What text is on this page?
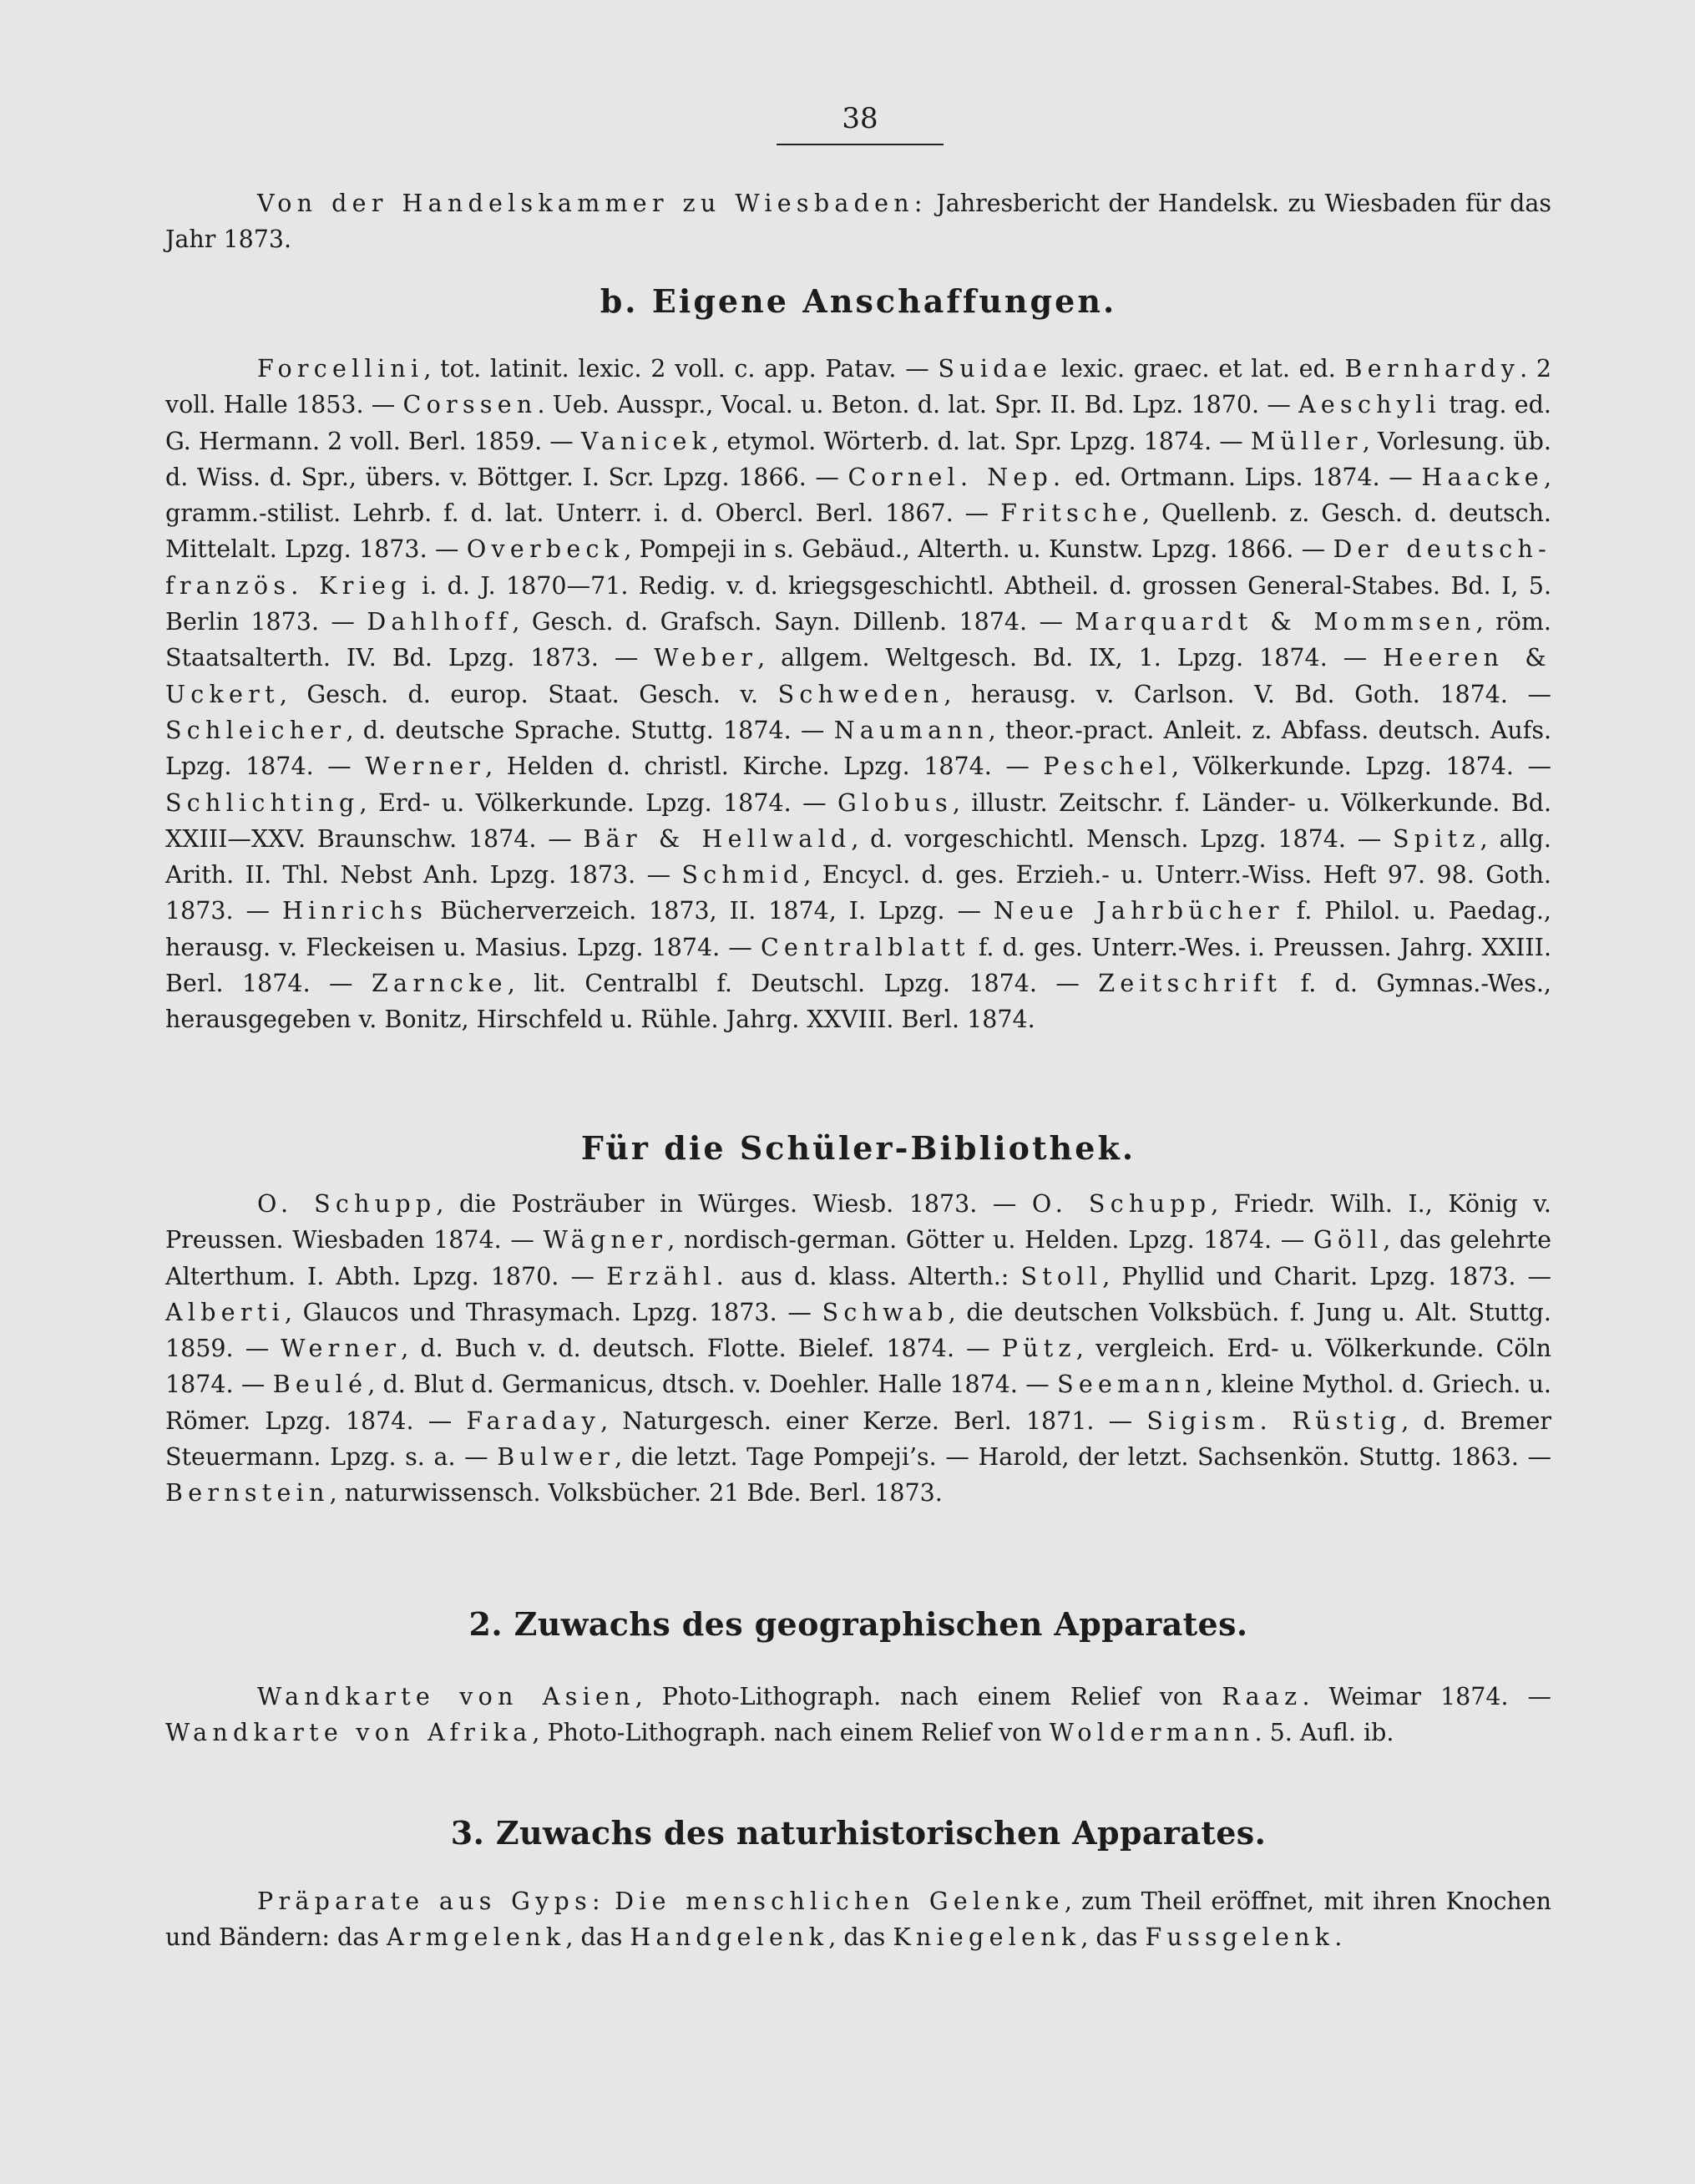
38

Von der Handelskammer zu Wiesbaden: Jahresbericht der Handelsk. zu Wiesbaden für das Jahr 1873.

b. Eigene Anschaffungen.

Forcellini, tot. latinit. lexic. 2 voll. c. app. Patav. — Suidae lexic. graec. et lat. ed. Bernhardy. 2 voll. Halle 1853. — Corssen. Ueb. Ausspr., Vocal. u. Beton. d. lat. Spr. II. Bd. Lpz. 1870. — Aeschyli trag. ed. G. Hermann. 2 voll. Berl. 1859. — Vanicek, etymol. Wörterb. d. lat. Spr. Lpzg. 1874. — Müller, Vorlesung. üb. d. Wiss. d. Spr., übers. v. Böttger. I. Scr. Lpzg. 1866. — Cornel. Nep. ed. Ortmann. Lips. 1874. — Haacke, gramm.-stilist. Lehrb. f. d. lat. Unterr. i. d. Obercl. Berl. 1867. — Fritsche, Quellenb. z. Gesch. d. deutsch. Mittelalt. Lpzg. 1873. — Overbeck, Pompeji in s. Gebäud., Alterth. u. Kunstw. Lpzg. 1866. — Der deutsch-französ. Krieg i. d. J. 1870—71. Redig. v. d. kriegsgeschichtl. Abtheil. d. grossen General-Stabes. Bd. I, 5. Berlin 1873. — Dahlhoff, Gesch. d. Grafsch. Sayn. Dillenb. 1874. — Marquardt & Mommsen, röm. Staatsalterth. IV. Bd. Lpzg. 1873. — Weber, allgem. Weltgesch. Bd. IX, 1. Lpzg. 1874. — Heeren & Uckert, Gesch. d. europ. Staat. Gesch. v. Schweden, herausg. v. Carlson. V. Bd. Goth. 1874. — Schleicher, d. deutsche Sprache. Stuttg. 1874. — Naumann, theor.-pract. Anleit. z. Abfass. deutsch. Aufs. Lpzg. 1874. — Werner, Helden d. christl. Kirche. Lpzg. 1874. — Peschel, Völkerkunde. Lpzg. 1874. — Schlichting, Erd- u. Völkerkunde. Lpzg. 1874. — Globus, illustr. Zeitschr. f. Länder- u. Völkerkunde. Bd. XXIII—XXV. Braunschw. 1874. — Bär & Hellwald, d. vorgeschichtl. Mensch. Lpzg. 1874. — Spitz, allg. Arith. II. Thl. Nebst Anh. Lpzg. 1873. — Schmid, Encycl. d. ges. Erzieh.- u. Unterr.-Wiss. Heft 97. 98. Goth. 1873. — Hinrichs Bücherverzeich. 1873, II. 1874, I. Lpzg. — Neue Jahrbücher f. Philol. u. Paedag., herausg. v. Fleckeisen u. Masius. Lpzg. 1874. — Centralblatt f. d. ges. Unterr.-Wes. i. Preussen. Jahrg. XXIII. Berl. 1874. — Zarncke, lit. Centralbl f. Deutschl. Lpzg. 1874. — Zeitschrift f. d. Gymnas.-Wes., herausgegeben v. Bonitz, Hirschfeld u. Rühle. Jahrg. XXVIII. Berl. 1874.

Für die Schüler-Bibliothek.

O. Schupp, die Posträuber in Würges. Wiesb. 1873. — O. Schupp, Friedr. Wilh. I., König v. Preussen. Wiesbaden 1874. — Wägner, nordisch-german. Götter u. Helden. Lpzg. 1874. — Göll, das gelehrte Alterthum. I. Abth. Lpzg. 1870. — Erzähl. aus d. klass. Alterth.: Stoll, Phyllid und Charit. Lpzg. 1873. — Alberti, Glaucos und Thrasymach. Lpzg. 1873. — Schwab, die deutschen Volksbüch. f. Jung u. Alt. Stuttg. 1859. — Werner, d. Buch v. d. deutsch. Flotte. Bielef. 1874. — Pütz, vergleich. Erd- u. Völkerkunde. Cöln 1874. — Beulé, d. Blut d. Germanicus, dtsch. v. Doehler. Halle 1874. — Seemann, kleine Mythol. d. Griech. u. Römer. Lpzg. 1874. — Faraday, Naturgesch. einer Kerze. Berl. 1871. — Sigism. Rüstig, d. Bremer Steuermann. Lpzg. s. a. — Bulwer, die letzt. Tage Pompeji’s. — Harold, der letzt. Sachsenkön. Stuttg. 1863. — Bernstein, naturwissensch. Volksbücher. 21 Bde. Berl. 1873.

2. Zuwachs des geographischen Apparates.

Wandkarte von Asien, Photo-Lithograph. nach einem Relief von Raaz. Weimar 1874. — Wandkarte von Afrika, Photo-Lithograph. nach einem Relief von Woldermann. 5. Aufl. ib.

3. Zuwachs des naturhistorischen Apparates.

Präparate aus Gyps: Die menschlichen Gelenke, zum Theil eröffnet, mit ihren Knochen und Bändern: das Armgelenk, das Handgelenk, das Kniegelenk, das Fussgelenk.
